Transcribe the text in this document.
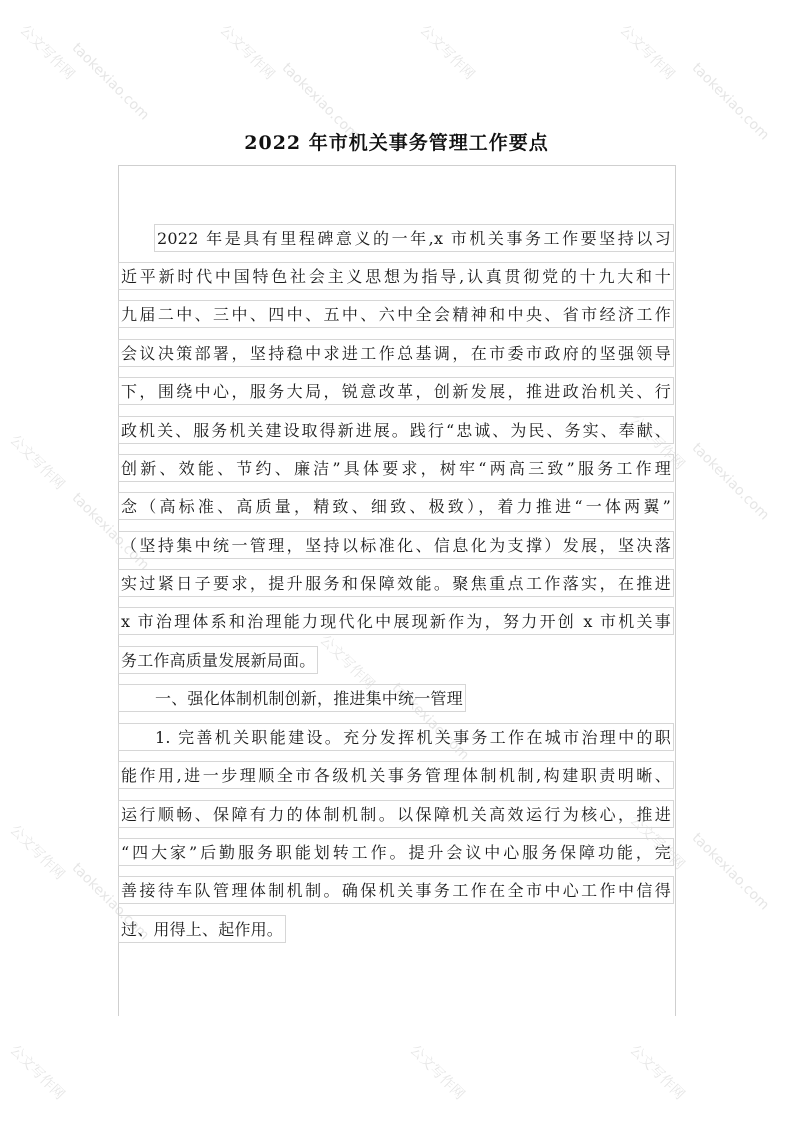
公文写作网	公文写作网	公文写作网	公文写作网
taokexiao.com	taokexiao.com	taokexiao.com
公文写作网
taokexiao.com
公文写作网 taokexiao.com
公文写作网
taokexiao.com
公文写作网
taokexiao.com
公文写作网 taokexiao.com
公文写作网	公文写作网	公文写作网
2022 年市机关事务管理工作要点
2022 年是具有里程碑意义的一年,x 市机关事务工作要坚持以习
近平新时代中国特色社会主义思想为指导,认真贯彻党的十九大和十
九届二中、三中、四中、五中、六中全会精神和中央、省市经济工作
会议决策部署，坚持稳中求进工作总基调，在市委市政府的坚强领导
下，围绕中心，服务大局，锐意改革，创新发展，推进政治机关、行
政机关、服务机关建设取得新进展。践行“忠诚、为民、务实、奉献、
创新、效能、节约、廉洁”具体要求，树牢“两高三致”服务工作理
念（高标准、高质量，精致、细致、极致），着力推进“一体两翼”
（坚持集中统一管理，坚持以标准化、信息化为支撑）发展，坚决落
实过紧日子要求，提升服务和保障效能。聚焦重点工作落实，在推进
x 市治理体系和治理能力现代化中展现新作为，努力开创 x 市机关事
务工作高质量发展新局面。
一、强化体制机制创新，推进集中统一管理
1. 完善机关职能建设。充分发挥机关事务工作在城市治理中的职
能作用,进一步理顺全市各级机关事务管理体制机制,构建职责明晰、
运行顺畅、保障有力的体制机制。以保障机关高效运行为核心，推进
“四大家”后勤服务职能划转工作。提升会议中心服务保障功能，完
善接待车队管理体制机制。确保机关事务工作在全市中心工作中信得
过、用得上、起作用。
